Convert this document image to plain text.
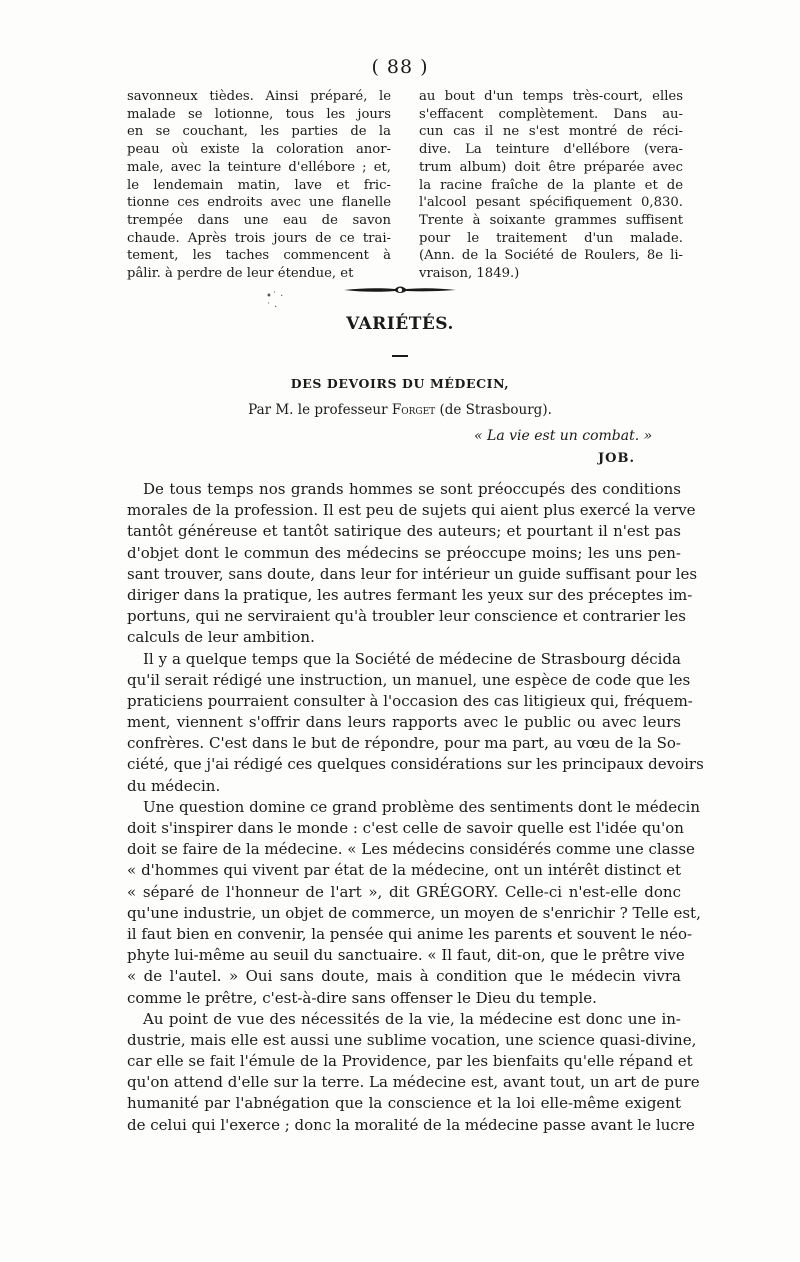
( 88 )

savonneux tièdes. Ainsi préparé, le

malade se lotionne, tous les jours

en se couchant, les parties de la

peau où existe la coloration anor-

male, avec la teinture d'ellébore ; et,

le lendemain matin, lave et fric-

tionne ces endroits avec une flanelle

trempée dans une eau de savon

chaude. Après trois jours de ce trai-

tement, les taches commencent à

pâlir. à perdre de leur étendue, et

au bout d'un temps très-court, elles

s'effacent complètement. Dans au-

cun cas il ne s'est montré de réci-

dive. La teinture d'ellébore (vera-

trum album) doit être préparée avec

la racine fraîche de la plante et de

l'alcool pesant spécifiquement 0,830.

Trente à soixante grammes suffisent

pour le traitement d'un malade.

(Ann. de la Société de Roulers, 8e li-

vraison, 1849.)

•˙ ·
˙ ·
VARIÉTÉS.
DES DEVOIRS DU MÉDECIN,
Par M. le professeur Forget (de Strasbourg).
« La vie est un combat. »
JOB.
De tous temps nos grands hommes se sont préoccupés des conditions
morales de la profession. Il est peu de sujets qui aient plus exercé la verve
tantôt généreuse et tantôt satirique des auteurs; et pourtant il n'est pas
d'objet dont le commun des médecins se préoccupe moins; les uns pen-
sant trouver, sans doute, dans leur for intérieur un guide suffisant pour les
diriger dans la pratique, les autres fermant les yeux sur des préceptes im-
portuns, qui ne serviraient qu'à troubler leur conscience et contrarier les
calculs de leur ambition.
Il y a quelque temps que la Société de médecine de Strasbourg décida
qu'il serait rédigé une instruction, un manuel, une espèce de code que les
praticiens pourraient consulter à l'occasion des cas litigieux qui, fréquem-
ment, viennent s'offrir dans leurs rapports avec le public ou avec leurs
confrères. C'est dans le but de répondre, pour ma part, au vœu de la So-
ciété, que j'ai rédigé ces quelques considérations sur les principaux devoirs
du médecin.
Une question domine ce grand problème des sentiments dont le médecin
doit s'inspirer dans le monde : c'est celle de savoir quelle est l'idée qu'on
doit se faire de la médecine. « Les médecins considérés comme une classe
« d'hommes qui vivent par état de la médecine, ont un intérêt distinct et
« séparé de l'honneur de l'art », dit GRÉGORY. Celle-ci n'est-elle donc
qu'une industrie, un objet de commerce, un moyen de s'enrichir ? Telle est,
il faut bien en convenir, la pensée qui anime les parents et souvent le néo-
phyte lui-même au seuil du sanctuaire. « Il faut, dit-on, que le prêtre vive
« de l'autel. » Oui sans doute, mais à condition que le médecin vivra
comme le prêtre, c'est-à-dire sans offenser le Dieu du temple.
Au point de vue des nécessités de la vie, la médecine est donc une in-
dustrie, mais elle est aussi une sublime vocation, une science quasi-divine,
car elle se fait l'émule de la Providence, par les bienfaits qu'elle répand et
qu'on attend d'elle sur la terre. La médecine est, avant tout, un art de pure
humanité par l'abnégation que la conscience et la loi elle-même exigent
de celui qui l'exerce ; donc la moralité de la médecine passe avant le lucre
